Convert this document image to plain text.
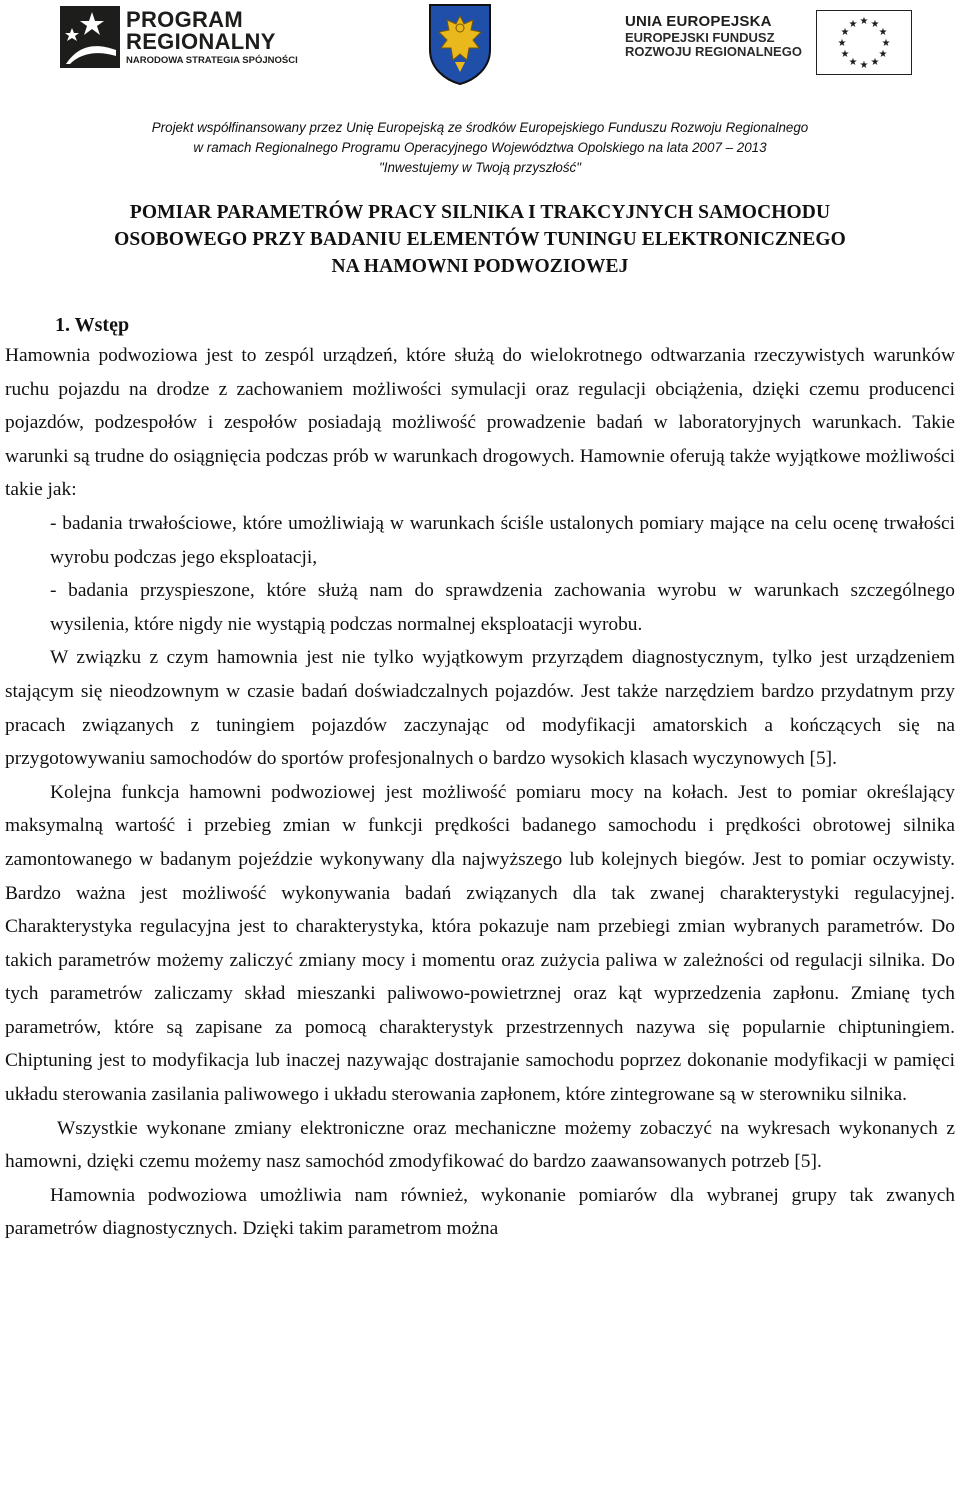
PROGRAM
REGIONALNY
NARODOWA STRATEGIA SPÓJNOŚCI
UNIA EUROPEJSKA
EUROPEJSKI FUNDUSZ
ROZWOJU REGIONALNEGO
★ ★
★
★
★
★
★
★
★
★
★
★
Projekt współfinansowany przez Unię Europejską ze środków Europejskiego Funduszu Rozwoju Regionalnego
w ramach Regionalnego Programu Operacyjnego Województwa Opolskiego na lata 2007 – 2013
"Inwestujemy w Twoją przyszłość"
POMIAR PARAMETRÓW PRACY SILNIKA I TRAKCYJNYCH SAMOCHODU
OSOBOWEGO PRZY BADANIU ELEMENTÓW TUNINGU ELEKTRONICZNEGO
NA HAMOWNI PODWOZIOWEJ
1. Wstęp

Hamownia podwoziowa jest to zespól urządzeń, które służą do wielokrotnego odtwarzania rzeczywistych warunków ruchu pojazdu na drodze z zachowaniem możliwości symulacji oraz regulacji obciążenia, dzięki czemu producenci pojazdów, podzespołów i zespołów posiadają możliwość prowadzenie badań w laboratoryjnych warunkach. Takie warunki są trudne do osiągnięcia podczas prób w warunkach drogowych. Hamownie oferują także wyjątkowe możliwości takie jak:

- badania trwałościowe, które umożliwiają w warunkach ściśle ustalonych pomiary mające na celu ocenę trwałości wyrobu podczas jego eksploatacji,

- badania przyspieszone, które służą nam do sprawdzenia zachowania wyrobu w warunkach szczególnego wysilenia, które nigdy nie wystąpią podczas normalnej eksploatacji wyrobu.

W związku z czym hamownia jest nie tylko wyjątkowym przyrządem diagnostycznym, tylko jest urządzeniem stającym się nieodzownym w czasie badań doświadczalnych pojazdów. Jest także narzędziem bardzo przydatnym przy pracach związanych z tuningiem pojazdów zaczynając od modyfikacji amatorskich a kończących się na przygotowywaniu samochodów do sportów profesjonalnych o bardzo wysokich klasach wyczynowych [5].

Kolejna funkcja hamowni podwoziowej jest możliwość pomiaru mocy na kołach. Jest to pomiar określający maksymalną wartość i przebieg zmian w funkcji prędkości badanego samochodu i prędkości obrotowej silnika zamontowanego w badanym pojeździe wykonywany dla najwyższego lub kolejnych biegów. Jest to pomiar oczywisty. Bardzo ważna jest możliwość wykonywania badań związanych dla tak zwanej charakterystyki regulacyjnej. Charakterystyka regulacyjna jest to charakterystyka, która pokazuje nam przebiegi zmian wybranych parametrów. Do takich parametrów możemy zaliczyć zmiany mocy i momentu oraz zużycia paliwa w zależności od regulacji silnika. Do tych parametrów zaliczamy skład mieszanki paliwowo-powietrznej oraz kąt wyprzedzenia zapłonu. Zmianę tych parametrów, które są zapisane za pomocą charakterystyk przestrzennych nazywa się popularnie chiptuningiem. Chiptuning jest to modyfikacja lub inaczej nazywając dostrajanie samochodu poprzez dokonanie modyfikacji w pamięci układu sterowania zasilania paliwowego i układu sterowania zapłonem, które zintegrowane są w sterowniku silnika.

Wszystkie wykonane zmiany elektroniczne oraz mechaniczne możemy zobaczyć na wykresach wykonanych z hamowni, dzięki czemu możemy nasz samochód zmodyfikować do bardzo zaawansowanych potrzeb [5].

Hamownia podwoziowa umożliwia nam również, wykonanie pomiarów dla wybranej grupy tak zwanych parametrów diagnostycznych. Dzięki takim parametrom można
